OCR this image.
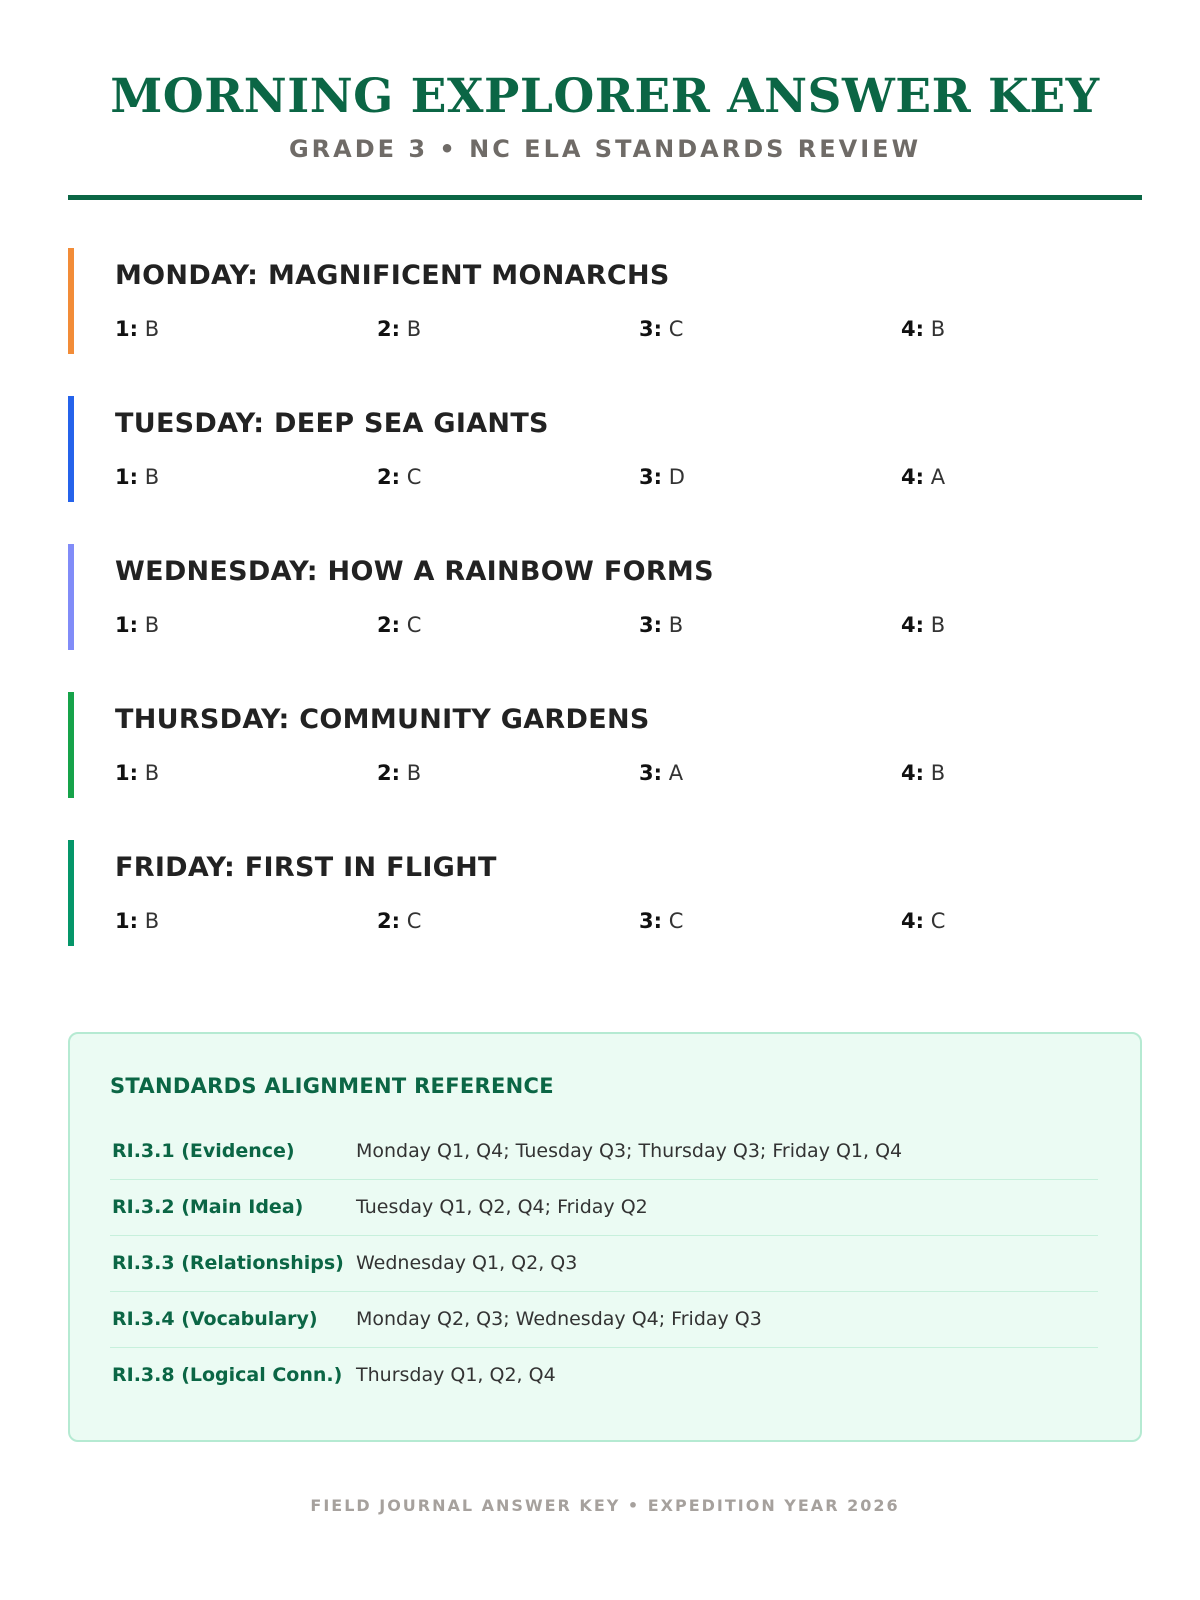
MORNING EXPLORER ANSWER KEY
GRADE 3 • NC ELA STANDARDS REVIEW
MONDAY: MAGNIFICENT MONARCHS
1: B	2: B	3: C	4: B
TUESDAY: DEEP SEA GIANTS
1: B	2: C	3: D	4: A
WEDNESDAY: HOW A RAINBOW FORMS
1: B	2: C	3: B	4: B
THURSDAY: COMMUNITY GARDENS
1: B	2: B	3: A	4: B
FRIDAY: FIRST IN FLIGHT
1: B	2: C	3: C	4: C
STANDARDS ALIGNMENT REFERENCE
RI.3.1 (Evidence)	Monday Q1, Q4; Tuesday Q3; Thursday Q3; Friday Q1, Q4
RI.3.2 (Main Idea)	Tuesday Q1, Q2, Q4; Friday Q2
RI.3.3 (Relationships) Wednesday Q1, Q2, Q3
RI.3.4 (Vocabulary) Monday Q2, Q3; Wednesday Q4; Friday Q3
RI.3.8 (Logical Conn.) Thursday Q1, Q2, Q4
FIELD JOURNAL ANSWER KEY • EXPEDITION YEAR 2026
